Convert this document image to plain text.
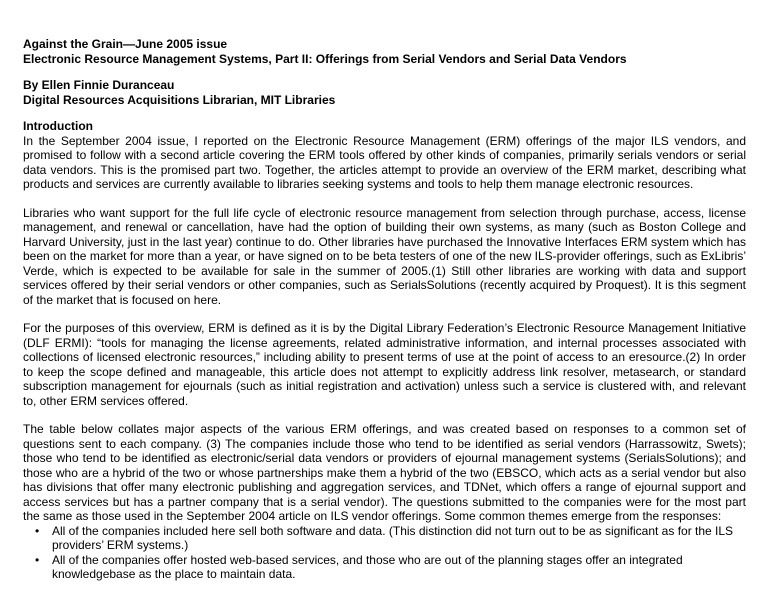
Against the Grain—June 2005 issue
Electronic Resource Management Systems, Part II: Offerings from Serial Vendors and Serial Data Vendors
By Ellen Finnie Duranceau
Digital Resources Acquisitions Librarian, MIT Libraries
Introduction

In the September 2004 issue, I reported on the Electronic Resource Management (ERM) offerings of the major ILS vendors, and promised to follow with a second article covering the ERM tools offered by other kinds of companies, primarily serials vendors or serial data vendors. This is the promised part two. Together, the articles attempt to provide an overview of the ERM market, describing what products and services are currently available to libraries seeking systems and tools to help them manage electronic resources.

Libraries who want support for the full life cycle of electronic resource management from selection through purchase, access, license management, and renewal or cancellation, have had the option of building their own systems, as many (such as Boston College and Harvard University, just in the last year) continue to do. Other libraries have purchased the Innovative Interfaces ERM system which has been on the market for more than a year, or have signed on to be beta testers of one of the new ILS-provider offerings, such as ExLibris’ Verde, which is expected to be available for sale in the summer of 2005.(1) Still other libraries are working with data and support services offered by their serial vendors or other companies, such as SerialsSolutions (recently acquired by Proquest). It is this segment of the market that is focused on here.

For the purposes of this overview, ERM is defined as it is by the Digital Library Federation’s Electronic Resource Management Initiative (DLF ERMI): “tools for managing the license agreements, related administrative information, and internal processes associated with collections of licensed electronic resources,” including ability to present terms of use at the point of access to an eresource.(2) In order to keep the scope defined and manageable, this article does not attempt to explicitly address link resolver, metasearch, or standard subscription management for ejournals (such as initial registration and activation) unless such a service is clustered with, and relevant to, other ERM services offered.

The table below collates major aspects of the various ERM offerings, and was created based on responses to a common set of questions sent to each company. (3) The companies include those who tend to be identified as serial vendors (Harrassowitz, Swets); those who tend to be identified as electronic/serial data vendors or providers of ejournal management systems (SerialsSolutions); and those who are a hybrid of the two or whose partnerships make them a hybrid of the two (EBSCO, which acts as a serial vendor but also has divisions that offer many electronic publishing and aggregation services, and TDNet, which offers a range of ejournal support and access services but has a partner company that is a serial vendor). The questions submitted to the companies were for the most part the same as those used in the September 2004 article on ILS vendor offerings. Some common themes emerge from the responses:

• All of the companies included here sell both software and data. (This distinction did not turn out to be as significant as for the ILS providers’ ERM systems.)
• All of the companies offer hosted web-based services, and those who are out of the planning stages offer an integrated knowledgebase as the place to maintain data.
